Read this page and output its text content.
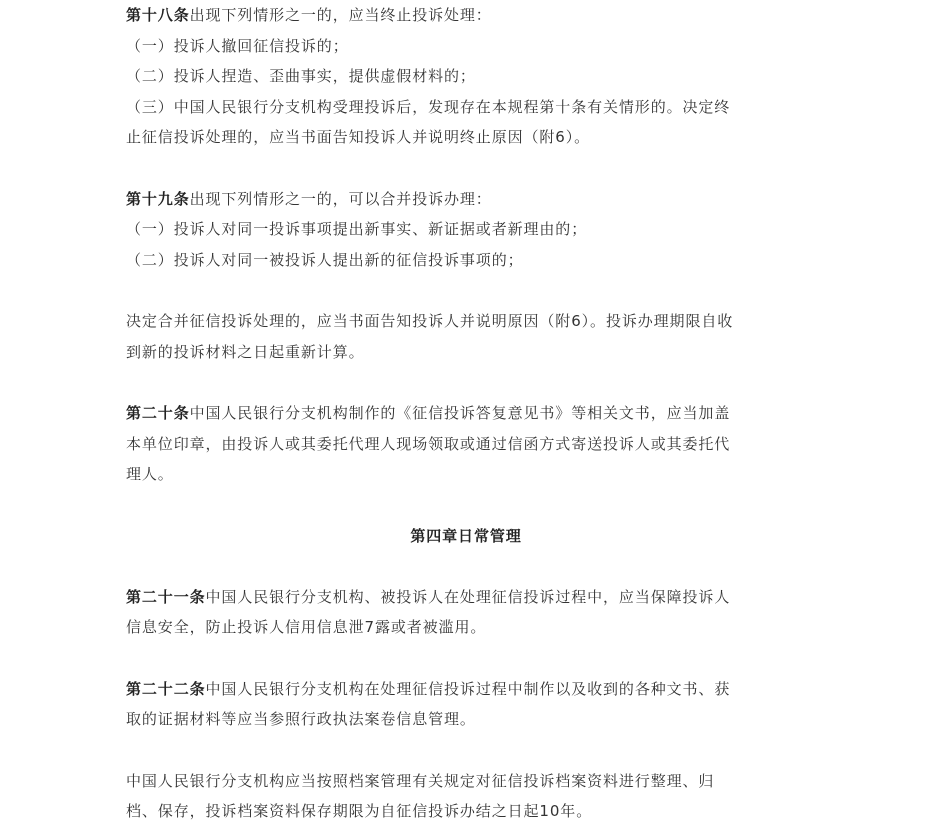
第十八条出现下列情形之一的，应当终止投诉处理：
（一）投诉人撤回征信投诉的；
（二）投诉人捏造、歪曲事实，提供虚假材料的；
（三）中国人民银行分支机构受理投诉后，发现存在本规程第十条有关情形的。决定终
止征信投诉处理的，应当书面告知投诉人并说明终止原因（附6）。
第十九条出现下列情形之一的，可以合并投诉办理：
（一）投诉人对同一投诉事项提出新事实、新证据或者新理由的；
（二）投诉人对同一被投诉人提出新的征信投诉事项的；
决定合并征信投诉处理的，应当书面告知投诉人并说明原因（附6）。投诉办理期限自收
到新的投诉材料之日起重新计算。
第二十条中国人民银行分支机构制作的《征信投诉答复意见书》等相关文书，应当加盖
本单位印章，由投诉人或其委托代理人现场领取或通过信函方式寄送投诉人或其委托代
理人。
第四章日常管理
第二十一条中国人民银行分支机构、被投诉人在处理征信投诉过程中，应当保障投诉人
信息安全，防止投诉人信用信息泄7露或者被滥用。
第二十二条中国人民银行分支机构在处理征信投诉过程中制作以及收到的各种文书、获
取的证据材料等应当参照行政执法案卷信息管理。
中国人民银行分支机构应当按照档案管理有关规定对征信投诉档案资料进行整理、归
档、保存，投诉档案资料保存期限为自征信投诉办结之日起10年。
